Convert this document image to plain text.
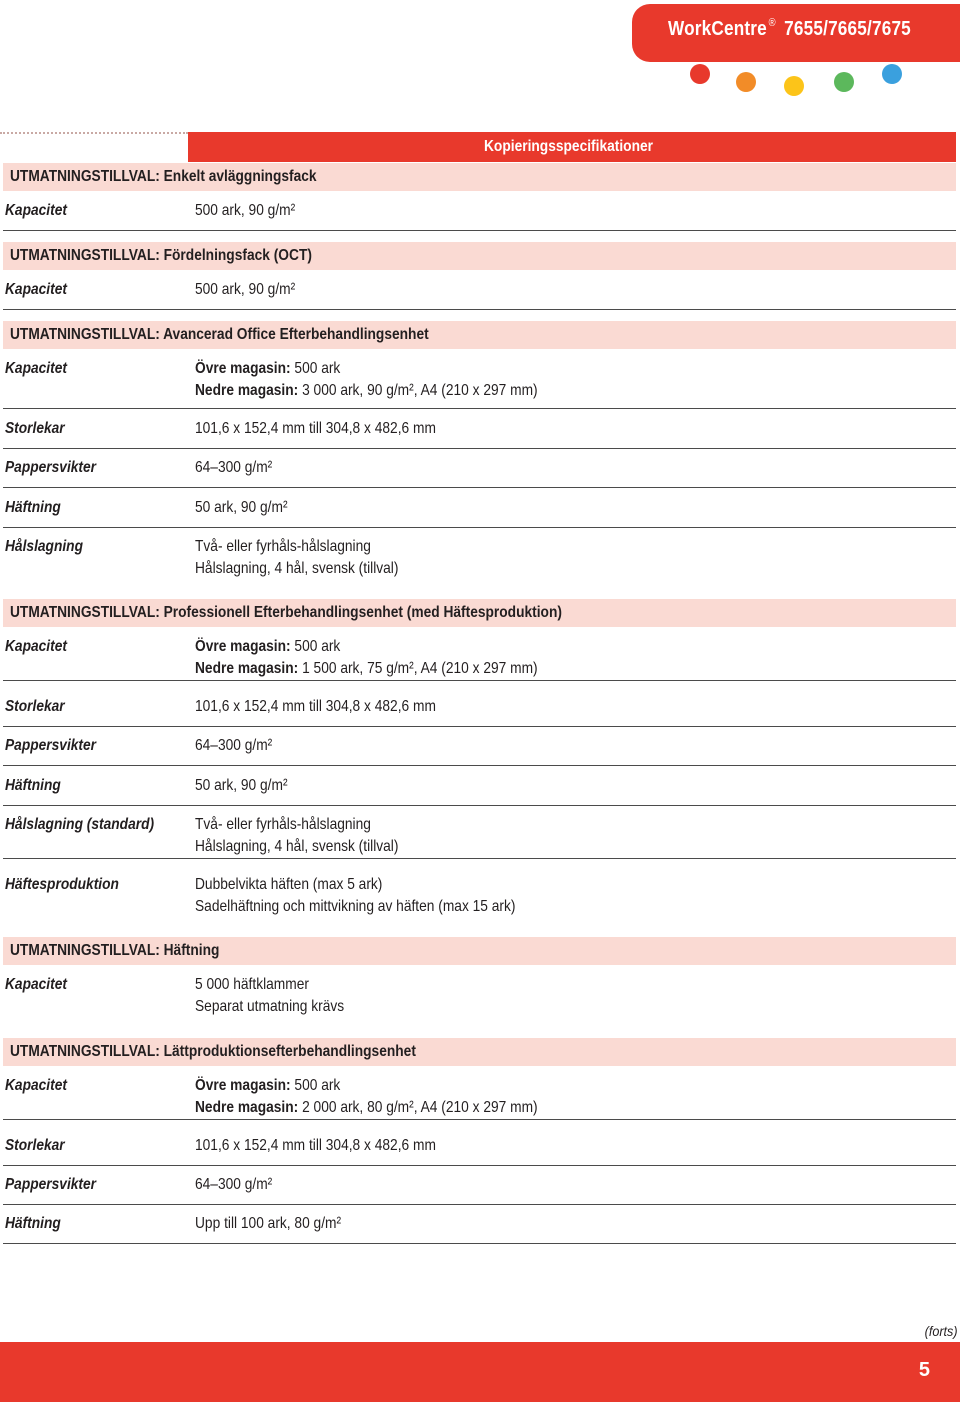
WorkCentre ® 7655/7665/7675
Kopieringsspecifikationer
UTMATNINGSTILLVAL: Enkelt avläggningsfack
Kapacitet	500 ark, 90 g/m²
UTMATNINGSTILLVAL: Fördelningsfack (OCT)
Kapacitet	500 ark, 90 g/m²
UTMATNINGSTILLVAL: Avancerad Office Efterbehandlingsenhet
Kapacitet	Övre magasin: 500 ark
Nedre magasin: 3 000 ark, 90 g/m², A4 (210 x 297 mm)
Storlekar	101,6 x 152,4 mm till 304,8 x 482,6 mm
Pappersvikter	64–300 g/m²
Häftning	50 ark, 90 g/m²
Hålslagning	Två- eller fyrhåls-hålslagning
Hålslagning, 4 hål, svensk (tillval)
UTMATNINGSTILLVAL: Professionell Efterbehandlingsenhet (med Häftesproduktion)
Kapacitet	Övre magasin: 500 ark
Nedre magasin: 1 500 ark, 75 g/m², A4 (210 x 297 mm)
Storlekar	101,6 x 152,4 mm till 304,8 x 482,6 mm
Pappersvikter	64–300 g/m²
Häftning	50 ark, 90 g/m²
Hålslagning (standard)	Två- eller fyrhåls-hålslagning
Hålslagning, 4 hål, svensk (tillval)
Häftesproduktion	Dubbelvikta häften (max 5 ark)
Sadelhäftning och mittvikning av häften (max 15 ark)
UTMATNINGSTILLVAL: Häftning
Kapacitet	5 000 häftklammer
Separat utmatning krävs
UTMATNINGSTILLVAL: Lättproduktionsefterbehandlingsenhet
Kapacitet	Övre magasin: 500 ark
Nedre magasin: 2 000 ark, 80 g/m², A4 (210 x 297 mm)
Storlekar	101,6 x 152,4 mm till 304,8 x 482,6 mm
Pappersvikter	64–300 g/m²
Häftning	Upp till 100 ark, 80 g/m²
(forts)
5
